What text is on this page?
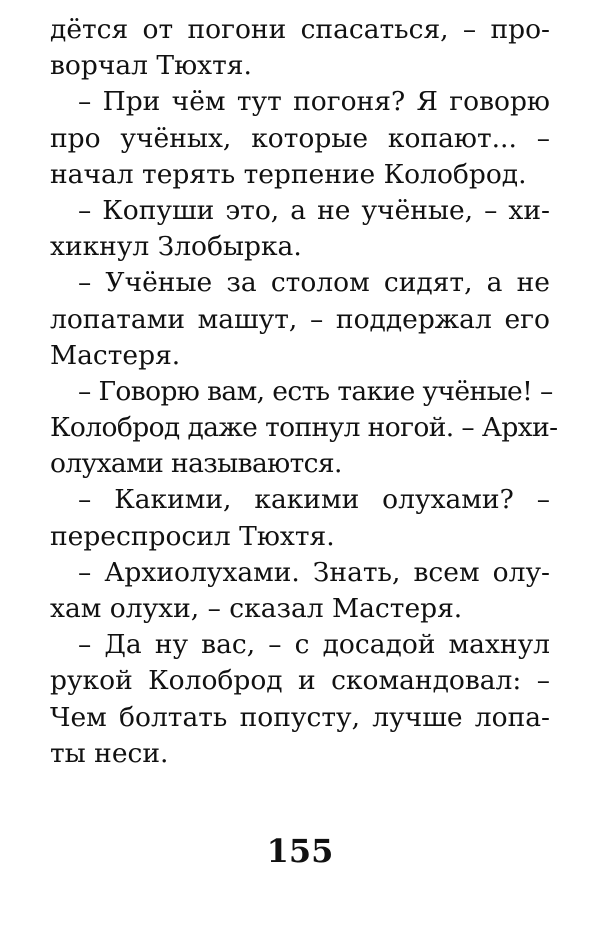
дётся от погони спасаться, – про-
ворчал Тюхтя.
– При чём тут погоня? Я говорю
про учёных, которые копают... –
начал терять терпение Колоброд.
– Копуши это, а не учёные, – хи-
хикнул Злобырка.
– Учёные за столом сидят, а не
лопатами машут, – поддержал его
Мастеря.
– Говорю вам, есть такие учёные! –
Колоброд даже топнул ногой. – Архи-
олухами называются.
– Какими, какими олухами? –
переспросил Тюхтя.
– Архиолухами. Знать, всем олу-
хам олухи, – сказал Мастеря.
– Да ну вас, – с досадой махнул
рукой Колоброд и скомандовал: –
Чем болтать попусту, лучше лопа-
ты неси.
155
